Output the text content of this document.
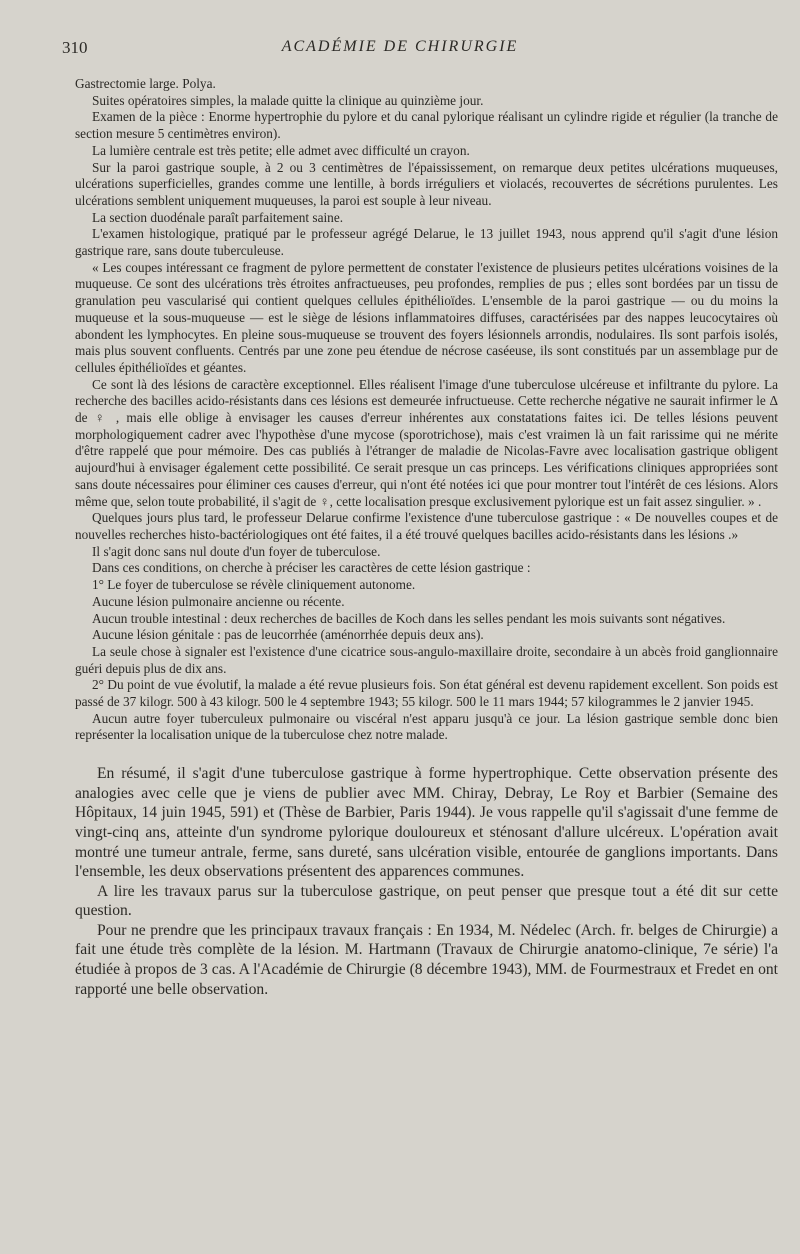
310	ACADÉMIE DE CHIRURGIE

Gastrectomie large. Polya.

Suites opératoires simples, la malade quitte la clinique au quinzième jour.

Examen de la pièce : Enorme hypertrophie du pylore et du canal pylorique réalisant un cylindre rigide et régulier (la tranche de section mesure 5 centimètres environ).

La lumière centrale est très petite; elle admet avec difficulté un crayon.

Sur la paroi gastrique souple, à 2 ou 3 centimètres de l'épaississement, on remarque deux petites ulcérations muqueuses, ulcérations superficielles, grandes comme une lentille, à bords irréguliers et violacés, recouvertes de sécrétions purulentes. Les ulcérations semblent uniquement muqueuses, la paroi est souple à leur niveau.

La section duodénale paraît parfaitement saine.

L'examen histologique, pratiqué par le professeur agrégé Delarue, le 13 juillet 1943, nous apprend qu'il s'agit d'une lésion gastrique rare, sans doute tuberculeuse.

« Les coupes intéressant ce fragment de pylore permettent de constater l'existence de plusieurs petites ulcérations voisines de la muqueuse. Ce sont des ulcérations très étroites anfractueuses, peu profondes, remplies de pus ; elles sont bordées par un tissu de granulation peu vascularisé qui contient quelques cellules épithélioïdes. L'ensemble de la paroi gastrique — ou du moins la muqueuse et la sous-muqueuse — est le siège de lésions inflammatoires diffuses, caractérisées par des nappes leucocytaires où abondent les lymphocytes. En pleine sous-muqueuse se trouvent des foyers lésionnels arrondis, nodulaires. Ils sont parfois isolés, mais plus souvent confluents. Centrés par une zone peu étendue de nécrose caséeuse, ils sont constitués par un assemblage pur de cellules épithélioïdes et géantes.

Ce sont là des lésions de caractère exceptionnel. Elles réalisent l'image d'une tuberculose ulcéreuse et infiltrante du pylore. La recherche des bacilles acido-résistants dans ces lésions est demeurée infructueuse. Cette recherche négative ne saurait infirmer le Δ de ♀ , mais elle oblige à envisager les causes d'erreur inhérentes aux constatations faites ici. De telles lésions peuvent morphologiquement cadrer avec l'hypothèse d'une mycose (sporotrichose), mais c'est vraimen là un fait rarissime qui ne mérite d'être rappelé que pour mémoire. Des cas publiés à l'étranger de maladie de Nicolas-Favre avec localisation gastrique obligent aujourd'hui à envisager également cette possibilité. Ce serait presque un cas princeps. Les vérifications cliniques appropriées sont sans doute nécessaires pour éliminer ces causes d'erreur, qui n'ont été notées ici que pour montrer tout l'intérêt de ces lésions. Alors même que, selon toute probabilité, il s'agit de ♀, cette localisation presque exclusivement pylorique est un fait assez singulier. » .

Quelques jours plus tard, le professeur Delarue confirme l'existence d'une tuberculose gastrique : « De nouvelles coupes et de nouvelles recherches histo-bactériologiques ont été faites, il a été trouvé quelques bacilles acido-résistants dans les lésions .»

Il s'agit donc sans nul doute d'un foyer de tuberculose.

Dans ces conditions, on cherche à préciser les caractères de cette lésion gastrique :

1° Le foyer de tuberculose se révèle cliniquement autonome.

Aucune lésion pulmonaire ancienne ou récente.

Aucun trouble intestinal : deux recherches de bacilles de Koch dans les selles pendant les mois suivants sont négatives.

Aucune lésion génitale : pas de leucorrhée (aménorrhée depuis deux ans).

La seule chose à signaler est l'existence d'une cicatrice sous-angulo-maxillaire droite, secondaire à un abcès froid ganglionnaire guéri depuis plus de dix ans.

2° Du point de vue évolutif, la malade a été revue plusieurs fois. Son état général est devenu rapidement excellent. Son poids est passé de 37 kilogr. 500 à 43 kilogr. 500 le 4 septembre 1943; 55 kilogr. 500 le 11 mars 1944; 57 kilogrammes le 2 janvier 1945.

Aucun autre foyer tuberculeux pulmonaire ou viscéral n'est apparu jusqu'à ce jour. La lésion gastrique semble donc bien représenter la localisation unique de la tuberculose chez notre malade.

En résumé, il s'agit d'une tuberculose gastrique à forme hypertrophique. Cette observation présente des analogies avec celle que je viens de publier avec MM. Chiray, Debray, Le Roy et Barbier (Semaine des Hôpitaux, 14 juin 1945, 591) et (Thèse de Barbier, Paris 1944). Je vous rappelle qu'il s'agissait d'une femme de vingt-cinq ans, atteinte d'un syndrome pylorique douloureux et sténosant d'allure ulcéreux. L'opération avait montré une tumeur antrale, ferme, sans dureté, sans ulcération visible, entourée de ganglions importants. Dans l'ensemble, les deux observations présentent des apparences communes.

A lire les travaux parus sur la tuberculose gastrique, on peut penser que presque tout a été dit sur cette question.

Pour ne prendre que les principaux travaux français : En 1934, M. Nédelec (Arch. fr. belges de Chirurgie) a fait une étude très complète de la lésion. M. Hartmann (Travaux de Chirurgie anatomo-clinique, 7e série) l'a étudiée à propos de 3 cas. A l'Académie de Chirurgie (8 décembre 1943), MM. de Fourmestraux et Fredet en ont rapporté une belle observation.
